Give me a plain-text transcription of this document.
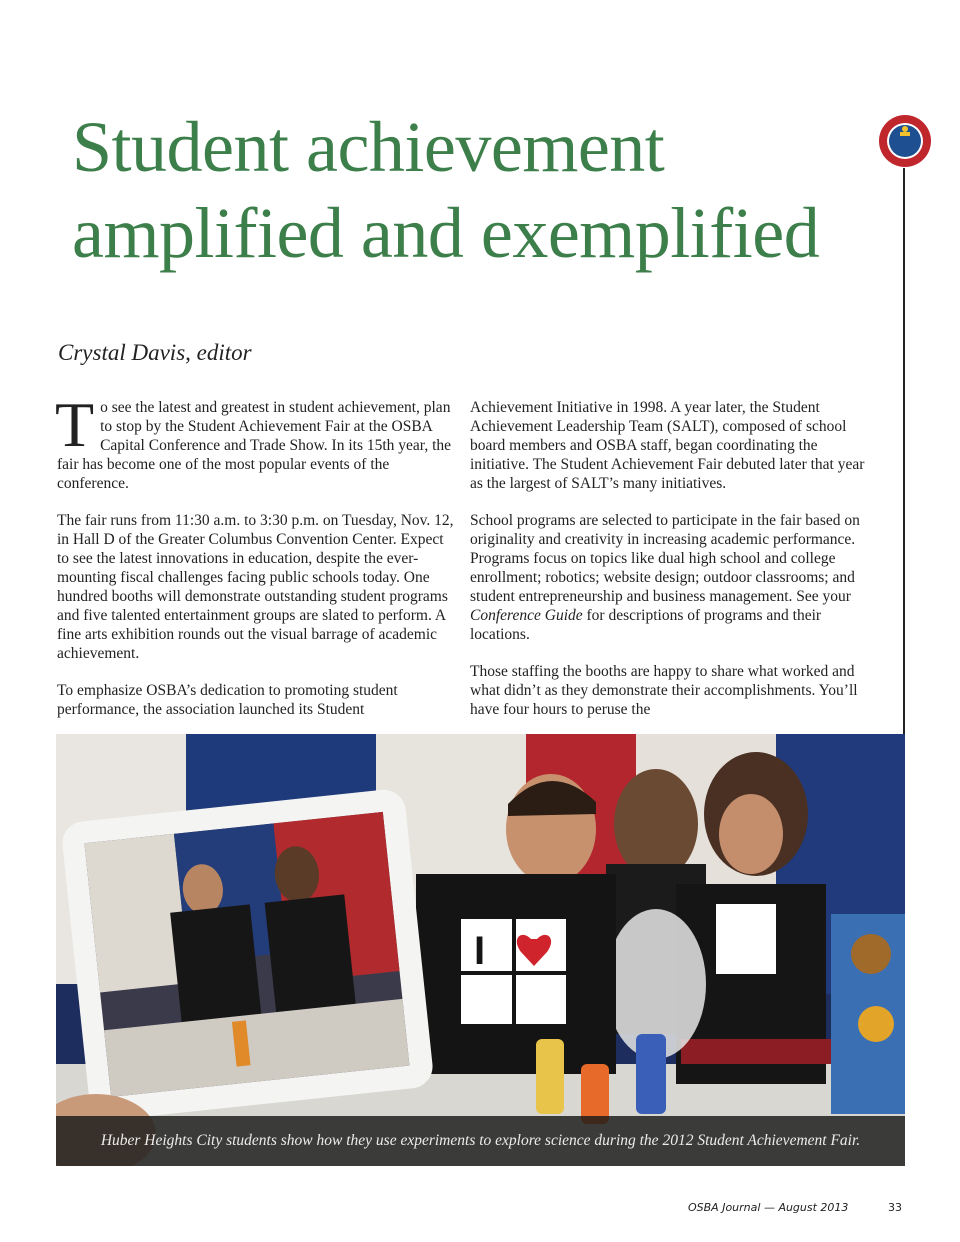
Student achievement
amplified and exemplified
Crystal Davis, editor

To see the latest and greatest in student achievement, plan to stop by the Student Achievement Fair at the OSBA Capital Conference and Trade Show. In its 15th year, the fair has become one of the most popular events of the conference.

The fair runs from 11:30 a.m. to 3:30 p.m. on Tuesday, Nov. 12, in Hall D of the Greater Columbus Convention Center. Expect to see the latest innovations in education, despite the ever-mounting fiscal challenges facing public schools today. One hundred booths will demonstrate outstanding student programs and five talented entertainment groups are slated to perform. A fine arts exhibition rounds out the visual barrage of academic achievement.

To emphasize OSBA’s dedication to promoting student performance, the association launched its Student

Achievement Initiative in 1998. A year later, the Student Achievement Leadership Team (SALT), composed of school board members and OSBA staff, began coordinating the initiative. The Student Achievement Fair debuted later that year as the largest of SALT’s many initiatives.

School programs are selected to participate in the fair based on originality and creativity in increasing academic performance. Programs focus on topics like dual high school and college enrollment; robotics; website design; outdoor classrooms; and student entrepreneurship and business management. See your Conference Guide for descriptions of programs and their locations.

Those staffing the booths are happy to share what worked and what didn’t as they demonstrate their accomplishments. You’ll have four hours to peruse the

I
Huber Heights City students show how they use experiments to explore science during the 2012 Student Achievement Fair.
OSBA Journal — August 2013	33
